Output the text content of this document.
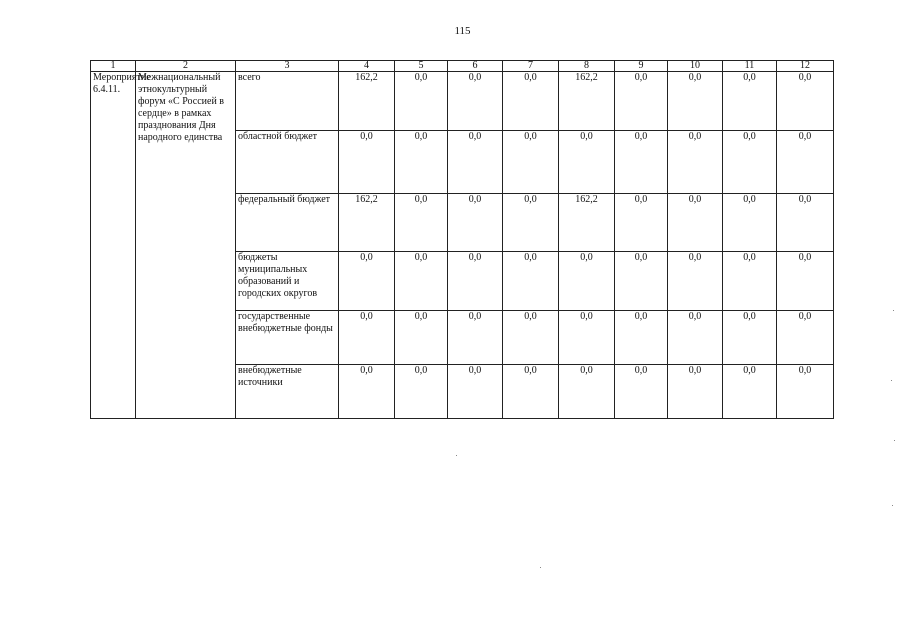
115
1	2	3	4	5	6	7	8	9	10	11	12
Мероприятие 6.4.11.	Межнациональный этнокультурный форум «С Россией в сердце» в рамках празднования Дня народного единства	всего	162,2	0,0	0,0	0,0	162,2	0,0	0,0	0,0	0,0
		областной бюджет	0,0	0,0	0,0	0,0	0,0	0,0	0,0	0,0	0,0
		федеральный бюджет	162,2	0,0	0,0	0,0	162,2	0,0	0,0	0,0	0,0
		бюджеты муниципальных образований и городских округов	0,0	0,0	0,0	0,0	0,0	0,0	0,0	0,0	0,0
		государственные внебюджетные фонды	0,0	0,0	0,0	0,0	0,0	0,0	0,0	0,0	0,0
		внебюджетные источники	0,0	0,0	0,0	0,0	0,0	0,0	0,0	0,0	0,0
